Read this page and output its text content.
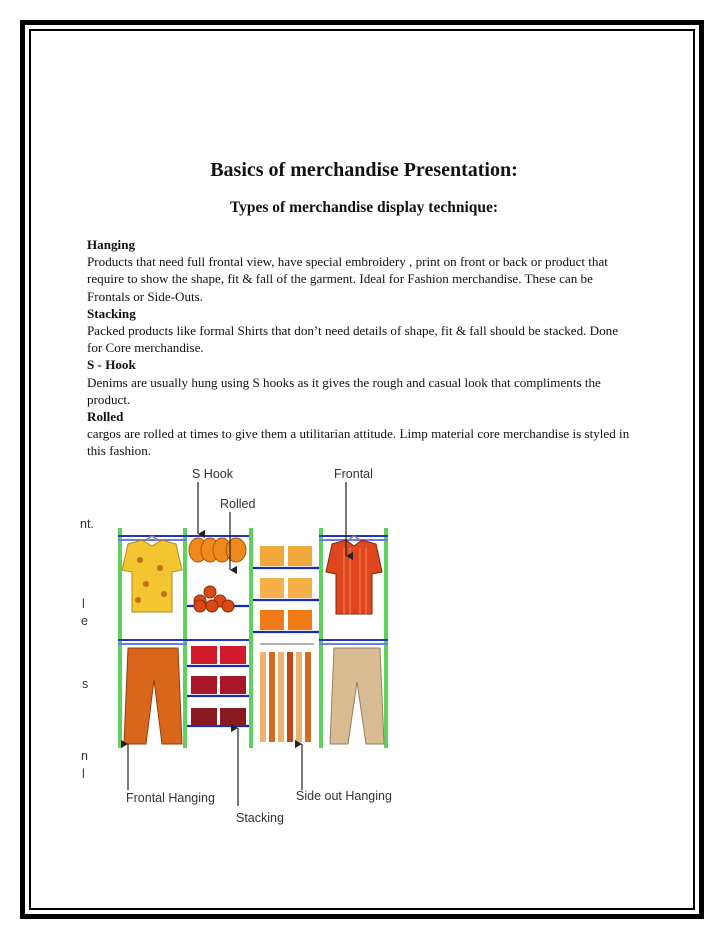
Basics of merchandise Presentation:
Types of merchandise display technique:
Hanging

Products that need full frontal view, have special embroidery , print on front or back or product that require to show the shape, fit & fall of the garment. Ideal for Fashion merchandise. These can be Frontals or Side-Outs.

Stacking

Packed products like formal Shirts that don’t need details of shape, fit & fall should be stacked. Done for Core merchandise.

S - Hook

Denims are usually hung using S hooks as it gives the rough and casual look that compliments the product.

Rolled

cargos are rolled at times to give them a utilitarian attitude. Limp material core merchandise is styled in this fashion.

nt.
l
e
s
n
l
S Hook
Rolled
Frontal
Frontal Hanging	Side out Hanging
Stacking
